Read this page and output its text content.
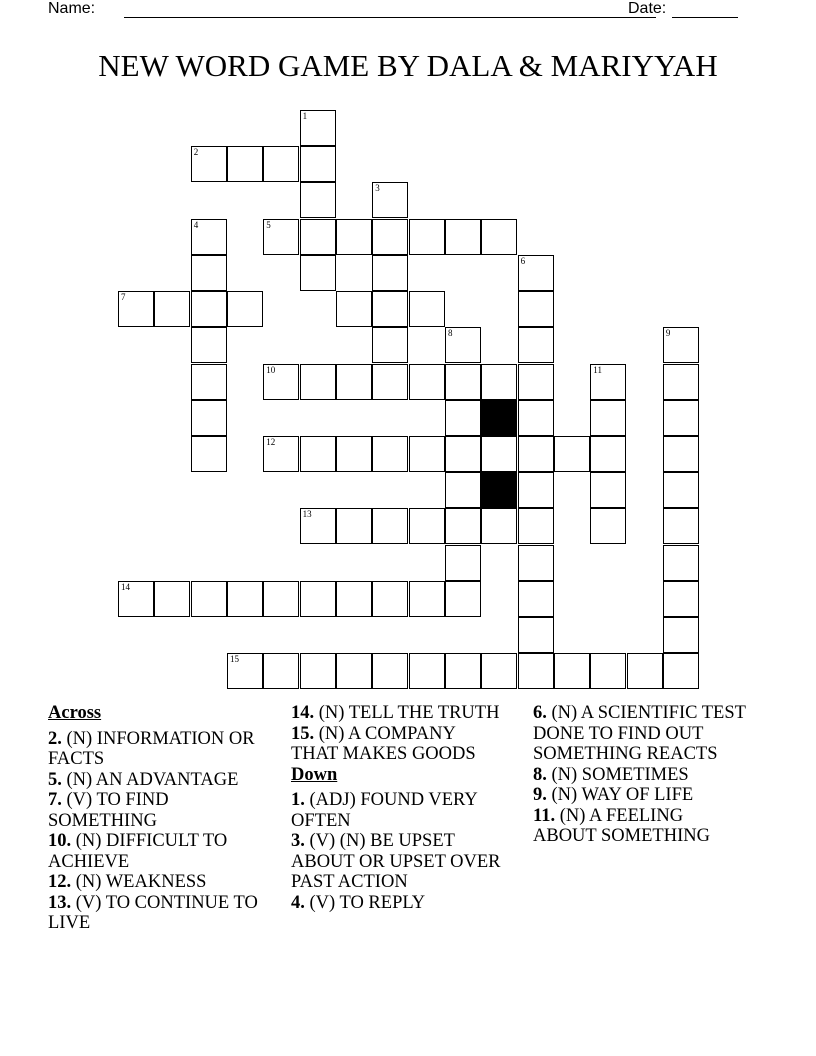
Name:	Date:
NEW WORD GAME BY DALA & MARIYYAH
1
2
3
4	5
6
7
8	9
10	11
12
13
14
15
Across
2. (N) INFORMATION OR FACTS
5. (N) AN ADVANTAGE
7. (V) TO FIND SOMETHING
10. (N) DIFFICULT TO ACHIEVE
12. (N) WEAKNESS
13. (V) TO CONTINUE TO LIVE
14. (N) TELL THE TRUTH
15. (N) A COMPANY THAT MAKES GOODS
Down
1. (ADJ) FOUND VERY OFTEN
3. (V) (N) BE UPSET ABOUT OR UPSET OVER PAST ACTION
4. (V) TO REPLY
6. (N) A SCIENTIFIC TEST DONE TO FIND OUT SOMETHING REACTS
8. (N) SOMETIMES
9. (N) WAY OF LIFE
11. (N) A FEELING ABOUT SOMETHING
